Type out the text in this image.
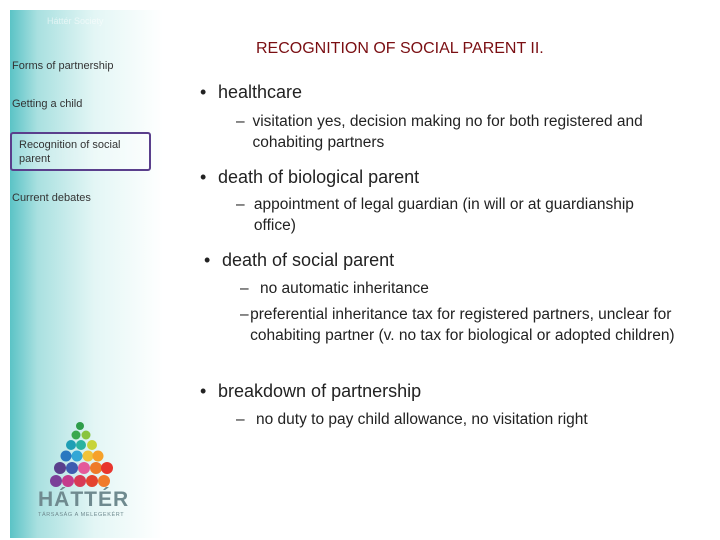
Háttér Society
Forms of partnership
Getting a child
Recognition of social parent
Current debates
HÁTTÉR
TÁRSASÁG A MELEGEKÉRT
RECOGNITION OF SOCIAL PARENT II.
• healthcare
– visitation yes, decision making no for both registered and cohabiting partners
• death of biological parent
– appointment of legal guardian (in will or at guardianship office)
• death of social parent
– no automatic inheritance
– preferential inheritance tax for registered partners, unclear for cohabiting partner (v. no tax for biological or adopted children)
• breakdown of partnership
– no duty to pay child allowance, no visitation right
